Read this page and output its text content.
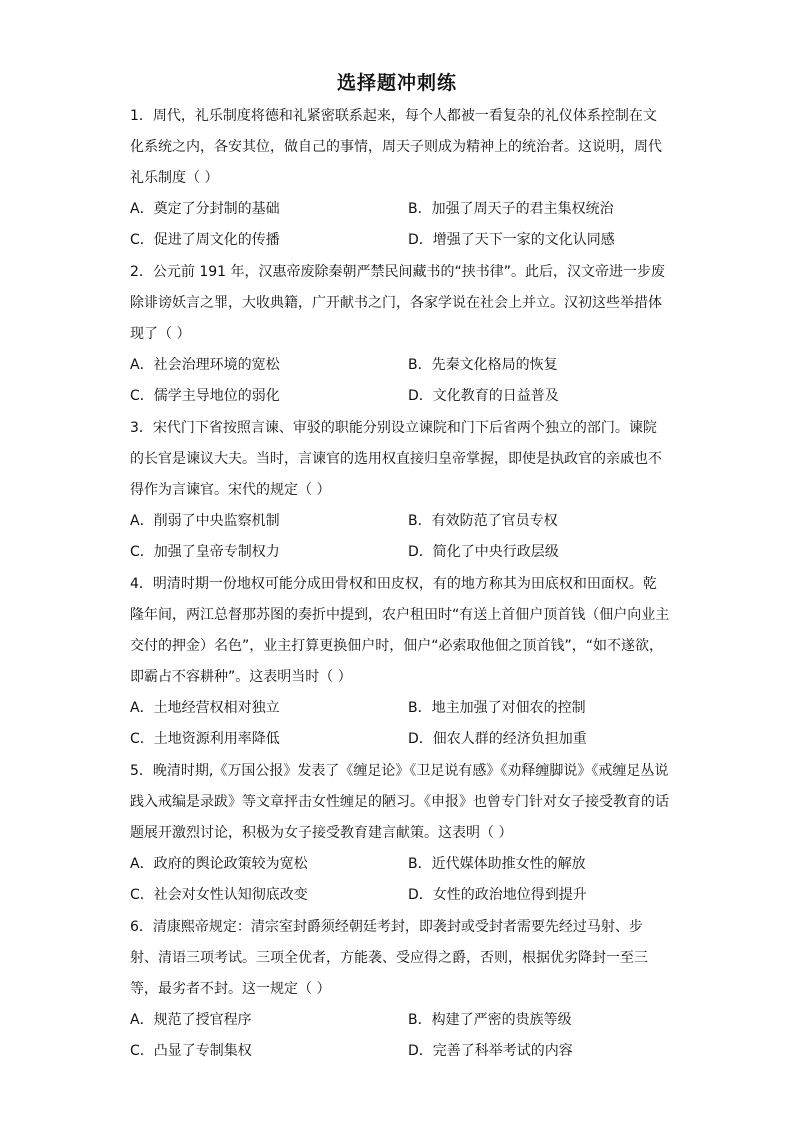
选择题冲刺练

1．周代，礼乐制度将德和礼紧密联系起来，每个人都被一看复杂的礼仪体系控制在文化系统之内，各安其位，做自己的事情，周天子则成为精神上的统治者。这说明，周代礼乐制度（ ）

A．奠定了分封制的基础	B．加强了周天子的君主集权统治
C．促进了周文化的传播	D．增强了天下一家的文化认同感

2．公元前 191 年，汉惠帝废除秦朝严禁民间藏书的“挟书律”。此后，汉文帝进一步废除诽谤妖言之罪，大收典籍，广开献书之门，各家学说在社会上并立。汉初这些举措体现了（ ）

A．社会治理环境的宽松	B．先秦文化格局的恢复
C．儒学主导地位的弱化	D．文化教育的日益普及

3．宋代门下省按照言谏、审驳的职能分别设立谏院和门下后省两个独立的部门。谏院的长官是谏议大夫。当时，言谏官的选用权直接归皇帝掌握，即使是执政官的亲戚也不得作为言谏官。宋代的规定（ ）

A．削弱了中央监察机制	B．有效防范了官员专权
C．加强了皇帝专制权力	D．简化了中央行政层级

4．明清时期一份地权可能分成田骨权和田皮权，有的地方称其为田底权和田面权。乾隆年间，两江总督那苏图的奏折中提到，农户租田时“有送上首佃户顶首钱（佃户向业主交付的押金）名色”，业主打算更换佃户时，佃户“必索取他佃之顶首钱”，“如不遂欲，即霸占不容耕种”。这表明当时（ ）

A．土地经营权相对独立	B．地主加强了对佃农的控制
C．土地资源利用率降低	D．佃农人群的经济负担加重

5．晚清时期,《万国公报》发表了《缠足论》《卫足说有感》《劝释缠脚说》《戒缠足丛说践入戒编是录跋》等文章抨击女性缠足的陋习。《申报》也曾专门针对女子接受教育的话题展开激烈讨论，积极为女子接受教育建言献策。这表明（ ）

A．政府的舆论政策较为宽松	B．近代媒体助推女性的解放
C．社会对女性认知彻底改变	D．女性的政治地位得到提升

6．清康熙帝规定：清宗室封爵须经朝廷考封，即袭封或受封者需要先经过马射、步射、清语三项考试。三项全优者，方能袭、受应得之爵，否则，根据优劣降封一至三等，最劣者不封。这一规定（ ）

A．规范了授官程序	B．构建了严密的贵族等级
C．凸显了专制集权	D．完善了科举考试的内容
